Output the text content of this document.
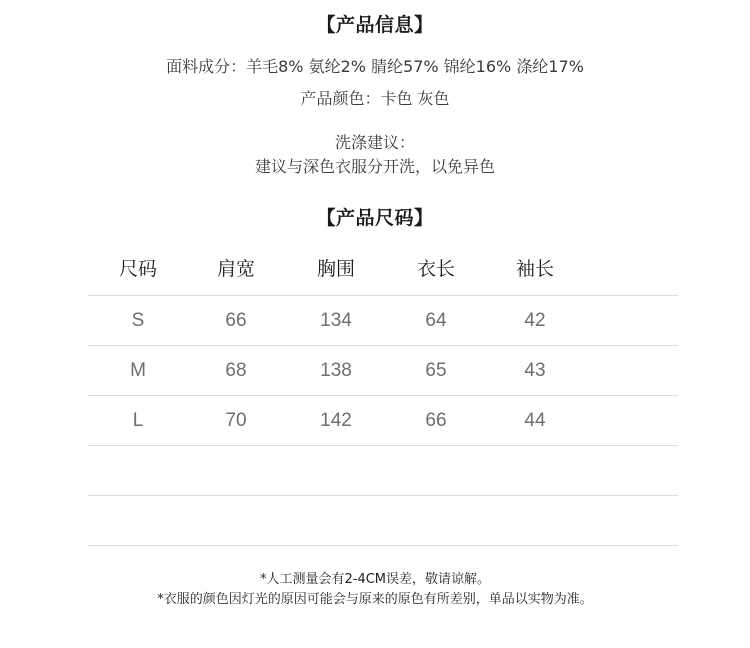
【产品信息】
面料成分：羊毛8% 氨纶2% 腈纶57% 锦纶16% 涤纶17%
产品颜色：卡色 灰色
洗涤建议：
建议与深色衣服分开洗，以免异色
【产品尺码】
尺码	肩宽	胸围	衣长	袖长
S	66	134	64	42
M	68	138	65	43
L	70	142	66	44
*人工测量会有2-4CM误差，敬请谅解。
*衣服的颜色因灯光的原因可能会与原来的原色有所差别，单品以实物为准。
